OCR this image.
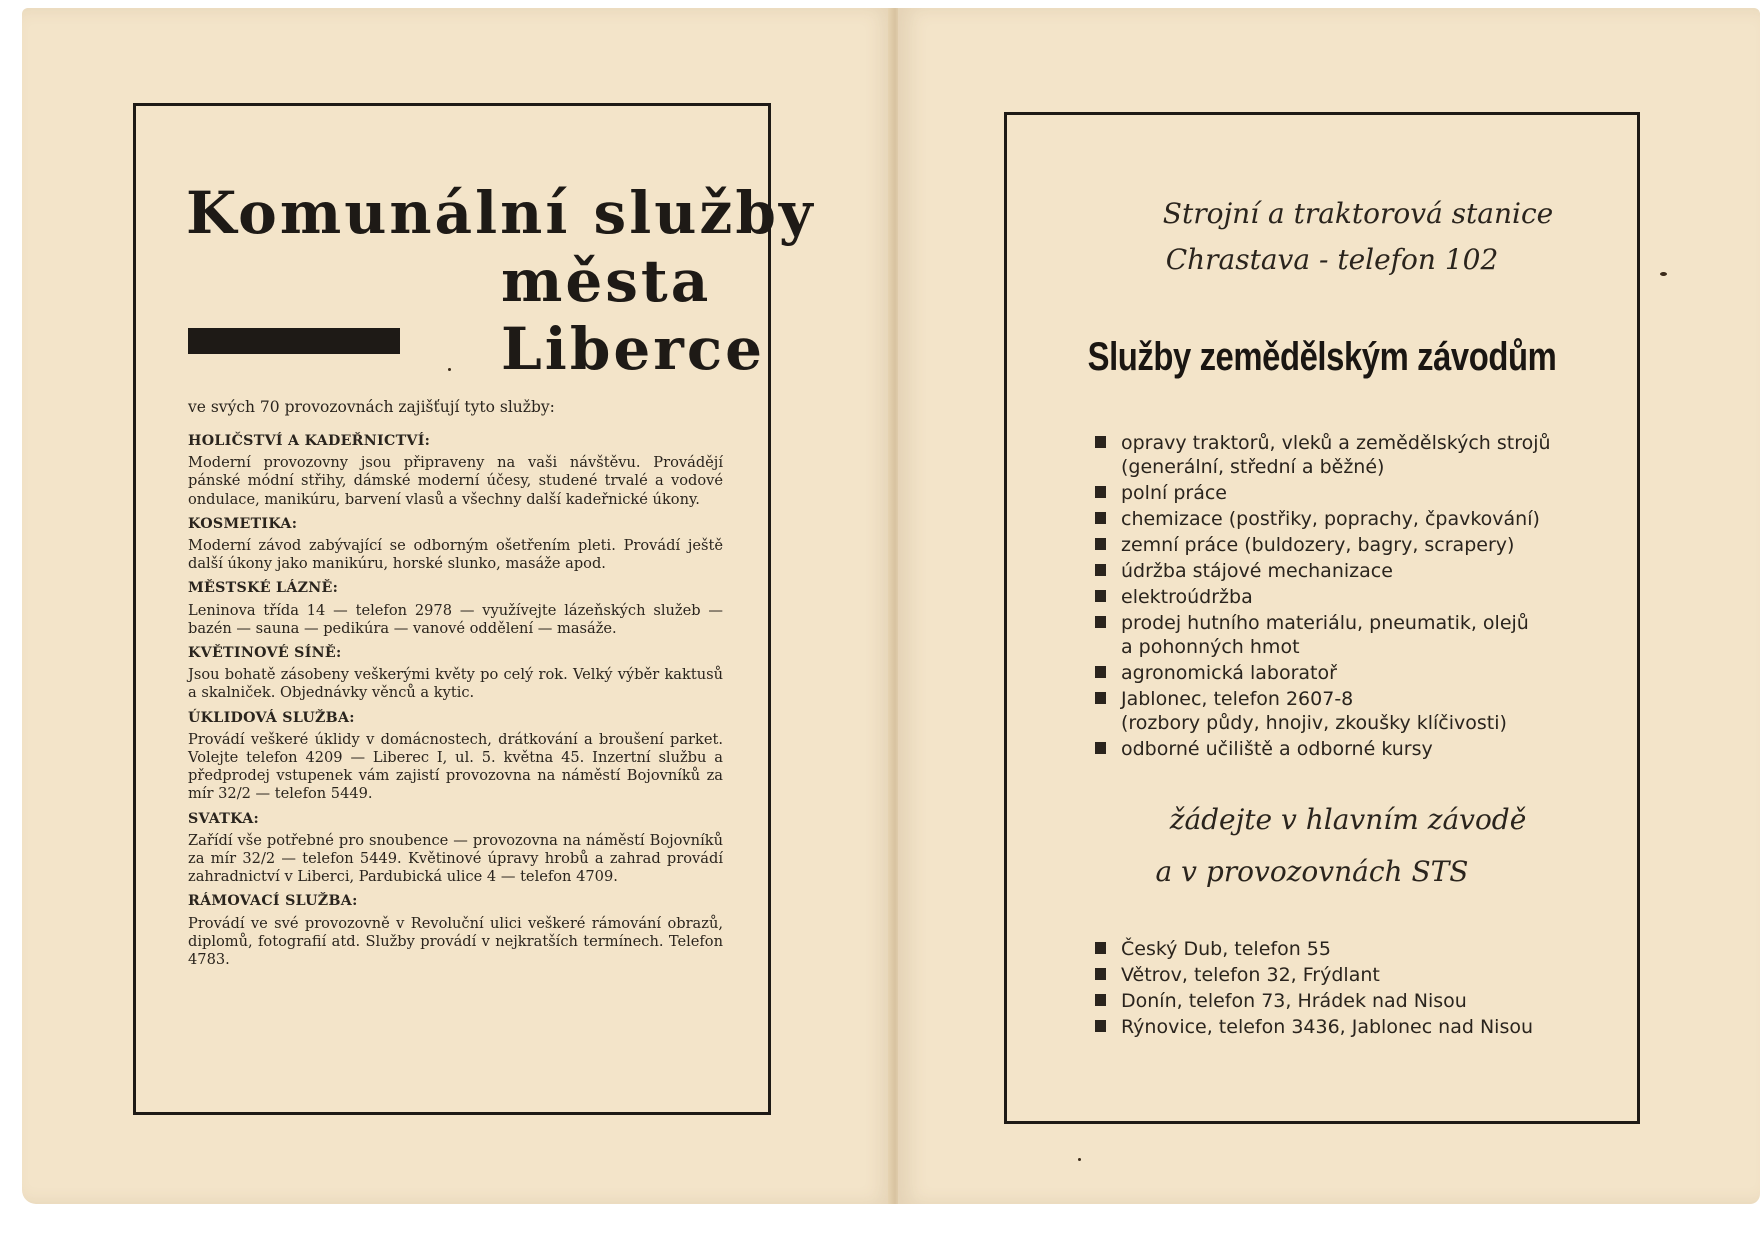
Komunální služby
města
Liberce
ve svých 70 provozovnách zajišťují tyto služby:
HOLIČSTVÍ A KADEŘNICTVÍ:
Moderní provozovny jsou připraveny na vaši návštěvu. Provádějí pánské módní střihy, dámské moderní účesy, studené trvalé a vodové ondulace, manikúru, barvení vlasů a všechny další kadeřnické úkony.
KOSMETIKA:
Moderní závod zabývající se odborným ošetřením pleti. Provádí ještě další úkony jako manikúru, horské slunko, masáže apod.
MĚSTSKÉ LÁZNĚ:
Leninova třída 14 — telefon 2978 — využívejte lázeňských služeb — bazén — sauna — pedikúra — vanové oddělení — masáže.
KVĚTINOVÉ SÍNĚ:
Jsou bohatě zásobeny veškerými květy po celý rok. Velký výběr kaktusů a skalniček. Objednávky věnců a kytic.
ÚKLIDOVÁ SLUŽBA:
Provádí veškeré úklidy v domácnostech, drátkování a broušení parket. Volejte telefon 4209 — Liberec I, ul. 5. května 45. Inzertní službu a předprodej vstupenek vám zajistí provozovna na náměstí Bojovníků za mír 32/2 — telefon 5449.
SVATKA:
Zařídí vše potřebné pro snoubence — provozovna na náměstí Bojovníků za mír 32/2 — telefon 5449. Květinové úpravy hrobů a zahrad provádí zahradnictví v Liberci, Pardubická ulice 4 — telefon 4709.
RÁMOVACÍ SLUŽBA:
Provádí ve své provozovně v Revoluční ulici veškeré rámování obrazů, diplomů, fotografií atd. Služby provádí v nejkratších termínech. Telefon 4783.
Strojní a traktorová stanice
Chrastava - telefon 102
Služby zemědělským závodům
opravy traktorů, vleků a zemědělských strojů
(generální, střední a běžné)
polní práce
chemizace (postřiky, poprachy, čpavkování)
zemní práce (buldozery, bagry, scrapery)
údržba stájové mechanizace
elektroúdržba
prodej hutního materiálu, pneumatik, olejů
a pohonných hmot
agronomická laboratoř
Jablonec, telefon 2607-8
(rozbory půdy, hnojiv, zkoušky klíčivosti)
odborné učiliště a odborné kursy
žádejte v hlavním závodě
a v provozovnách STS
Český Dub, telefon 55
Větrov, telefon 32, Frýdlant
Donín, telefon 73, Hrádek nad Nisou
Rýnovice, telefon 3436, Jablonec nad Nisou
